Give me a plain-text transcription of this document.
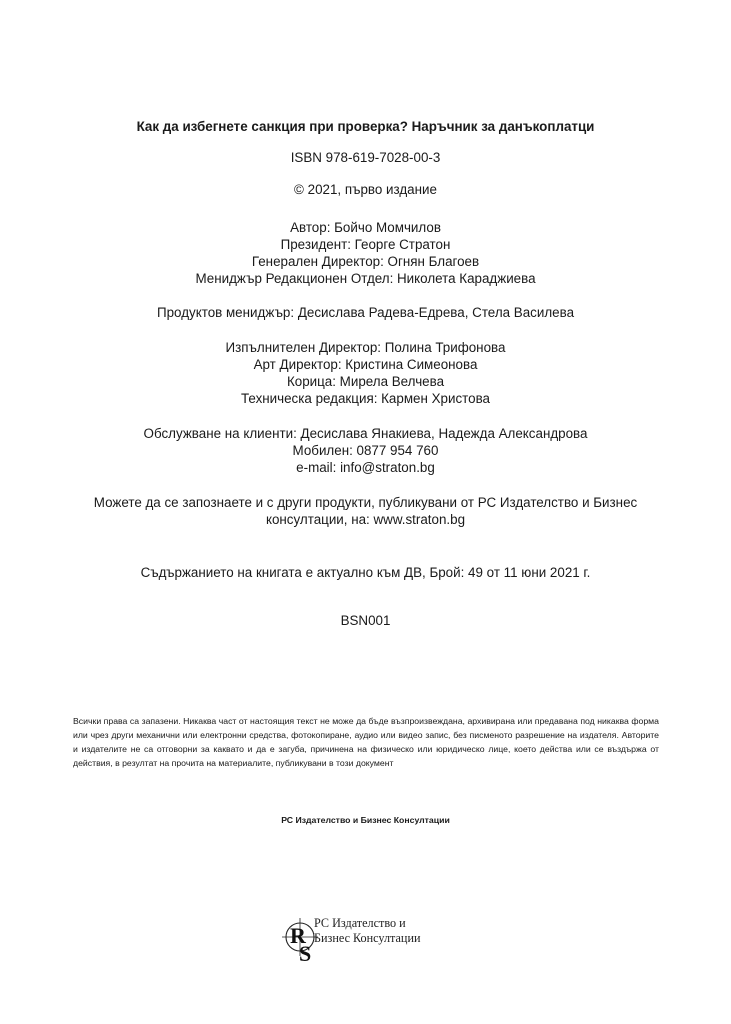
Как да избегнете санкция при проверка? Наръчник за данъкоплатци
ISBN 978-619-7028-00-3
© 2021, първо издание
Автор: Бойчо Момчилов
Президент: Георге Стратон
Генерален Директор: Огнян Благоев
Мениджър Редакционен Отдел: Николета Караджиева
Продуктов мениджър: Десислава Радева-Едрева, Стела Василева
Изпълнителен Директор: Полина Трифонова
Арт Директор: Кристина Симеонова
Корица: Мирела Велчева
Техническа редакция: Кармен Христова
Обслужване на клиенти: Десислава Янакиева, Надежда Александрова
Мобилен: 0877 954 760
e-mail: info@straton.bg
Можете да се запознаете и с други продукти, публикувани от РС Издателство и Бизнес
консултации, на: www.straton.bg
Съдържанието на книгата е актуално към ДВ, Брой: 49 от 11 юни 2021 г.
BSN001
Всички права са запазени. Никаква част от настоящия текст не може да бъде възпроизвеждана, архивирана или предавана под никаква форма или чрез други механични или електронни средства, фотокопиране, аудио или видео запис, без писменото разрешение на издателя. Авторите и издателите не са отговорни за каквато и да е загуба, причинена на физическо или юридическо лице, което действа или се въздържа от действия, в резултат на прочита на материалите, публикувани в този документ
РС Издателство и Бизнес Консултации
R
S
РС Издателство и
Бизнес Консултации
